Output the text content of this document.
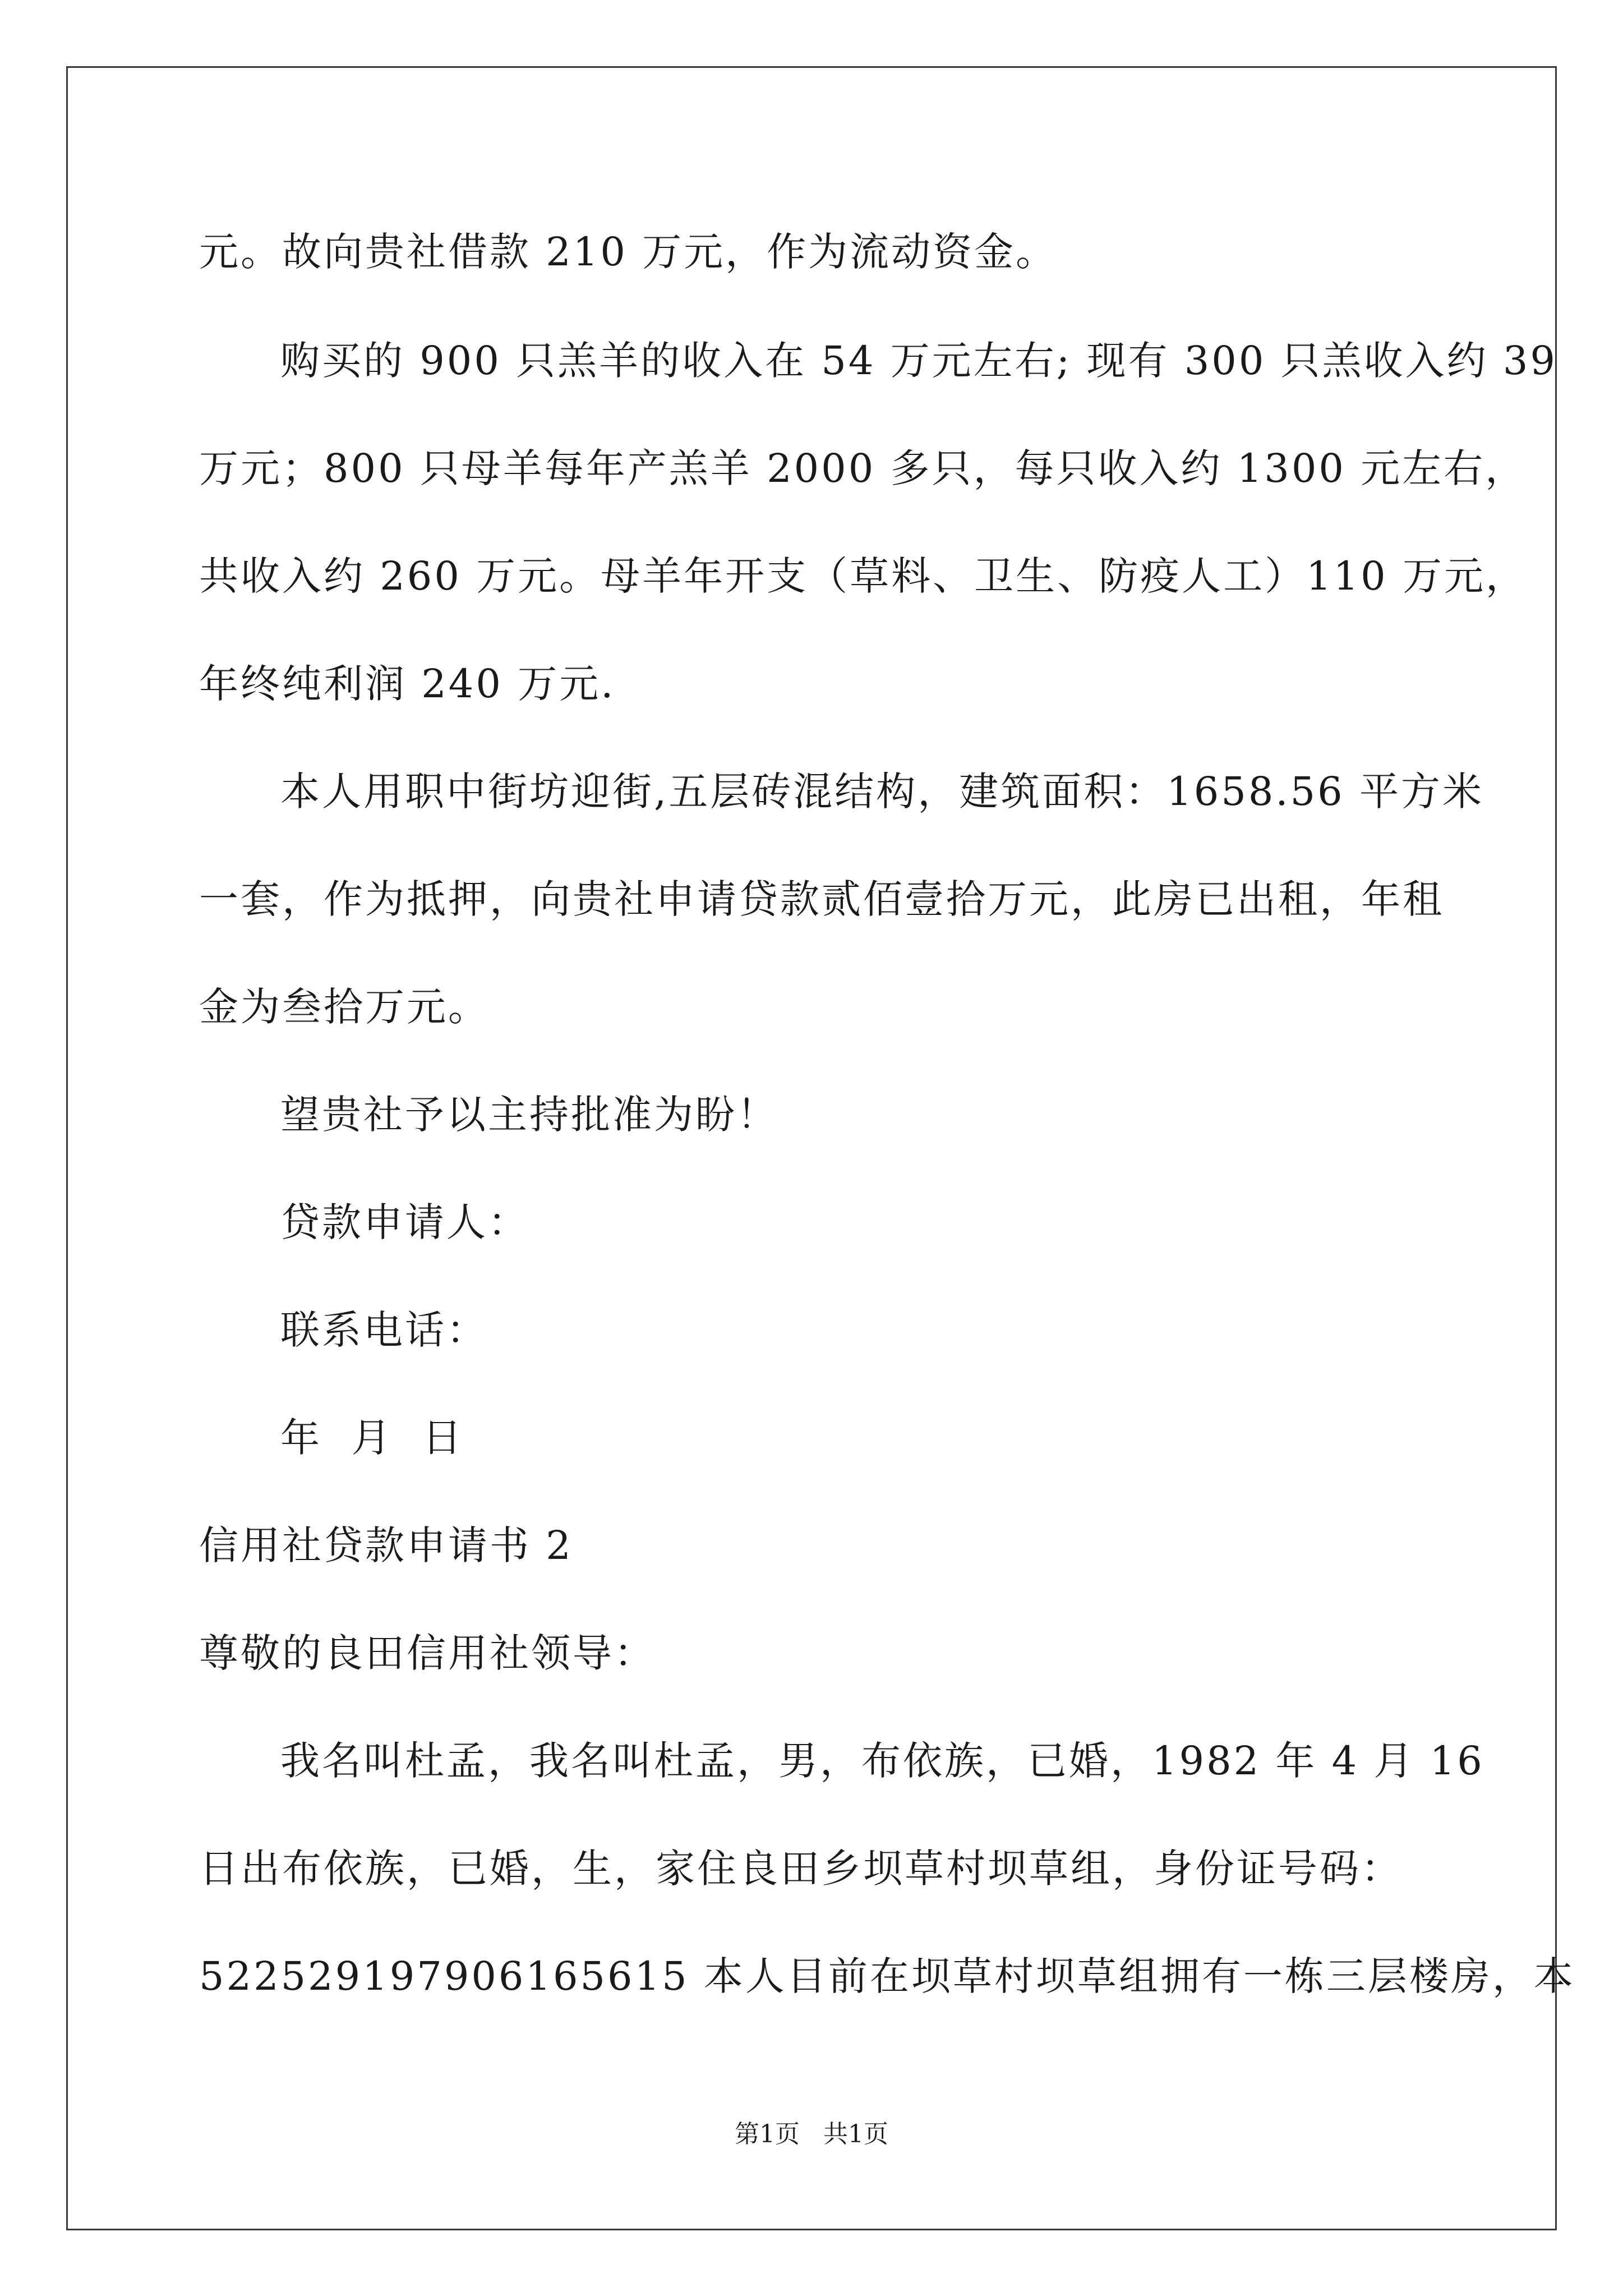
元。故向贵社借款 210 万元，作为流动资金。
购买的 900 只羔羊的收入在 54 万元左右; 现有 300 只羔收入约 39
万元；800 只母羊每年产羔羊 2000 多只，每只收入约 1300 元左右，
共收入约 260 万元。母羊年开支（草料、卫生、防疫人工）110 万元，
年终纯利润 240 万元.
本人用职中街坊迎街,五层砖混结构，建筑面积：1658.56 平方米
一套，作为抵押，向贵社申请贷款贰佰壹拾万元，此房已出租，年租
金为叁拾万元。
望贵社予以主持批准为盼！
贷款申请人：
联系电话：
年  月  日
信用社贷款申请书 2
尊敬的良田信用社领导：
我名叫杜孟，我名叫杜孟，男，布依族，已婚，1982 年 4 月 16
日出布依族，已婚，生，家住良田乡坝草村坝草组，身份证号码：
522529197906165615 本人目前在坝草村坝草组拥有一栋三层楼房，本
第1页   共1页
